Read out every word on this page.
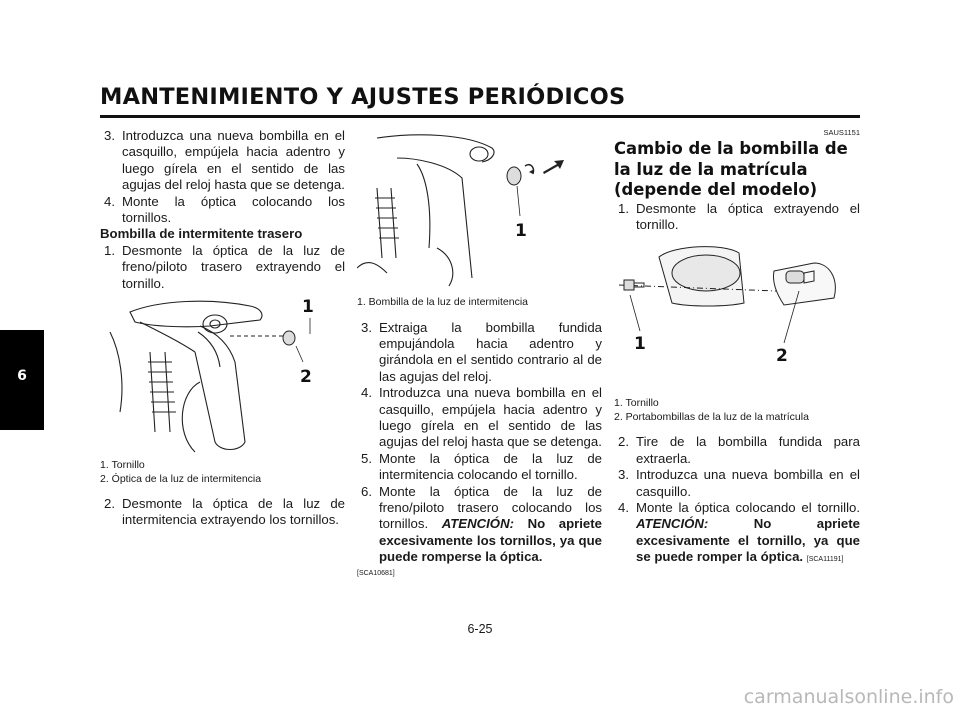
MANTENIMIENTO Y AJUSTES PERIÓDICOS
6
3. Introduzca una nueva bombilla en el casquillo, empújela hacia adentro y luego gírela en el sentido de las agujas del reloj hasta que se detenga.
4. Monte la óptica colocando los tornillos.
Bombilla de intermitente trasero
1. Desmonte la óptica de la luz de freno/piloto trasero extrayendo el tornillo.
1
2
1. Tornillo
2. Óptica de la luz de intermitencia
2. Desmonte la óptica de la luz de intermitencia extrayendo los tornillos.
1
1. Bombilla de la luz de intermitencia
3. Extraiga la bombilla fundida empujándola hacia adentro y girándola en el sentido contrario al de las agujas del reloj.
4. Introduzca una nueva bombilla en el casquillo, empújela hacia adentro y luego gírela en el sentido de las agujas del reloj hasta que se detenga.
5. Monte la óptica de la luz de intermitencia colocando el tornillo.
6. Monte la óptica de la luz de freno/piloto trasero colocando los tornillos. ATENCIÓN: No apriete excesivamente los tornillos, ya que puede romperse la óptica.
[SCA10681]
SAUS1151
Cambio de la bombilla de la luz de la matrícula (depende del modelo)
1. Desmonte la óptica extrayendo el tornillo.
1
2
1. Tornillo
2. Portabombillas de la luz de la matrícula
2. Tire de la bombilla fundida para extraerla.
3. Introduzca una nueva bombilla en el casquillo.
4. Monte la óptica colocando el tornillo. ATENCIÓN:	No apriete excesivamente el tornillo, ya que se puede romper la óptica. [SCA11191]
6-25
carmanualsonline.info
